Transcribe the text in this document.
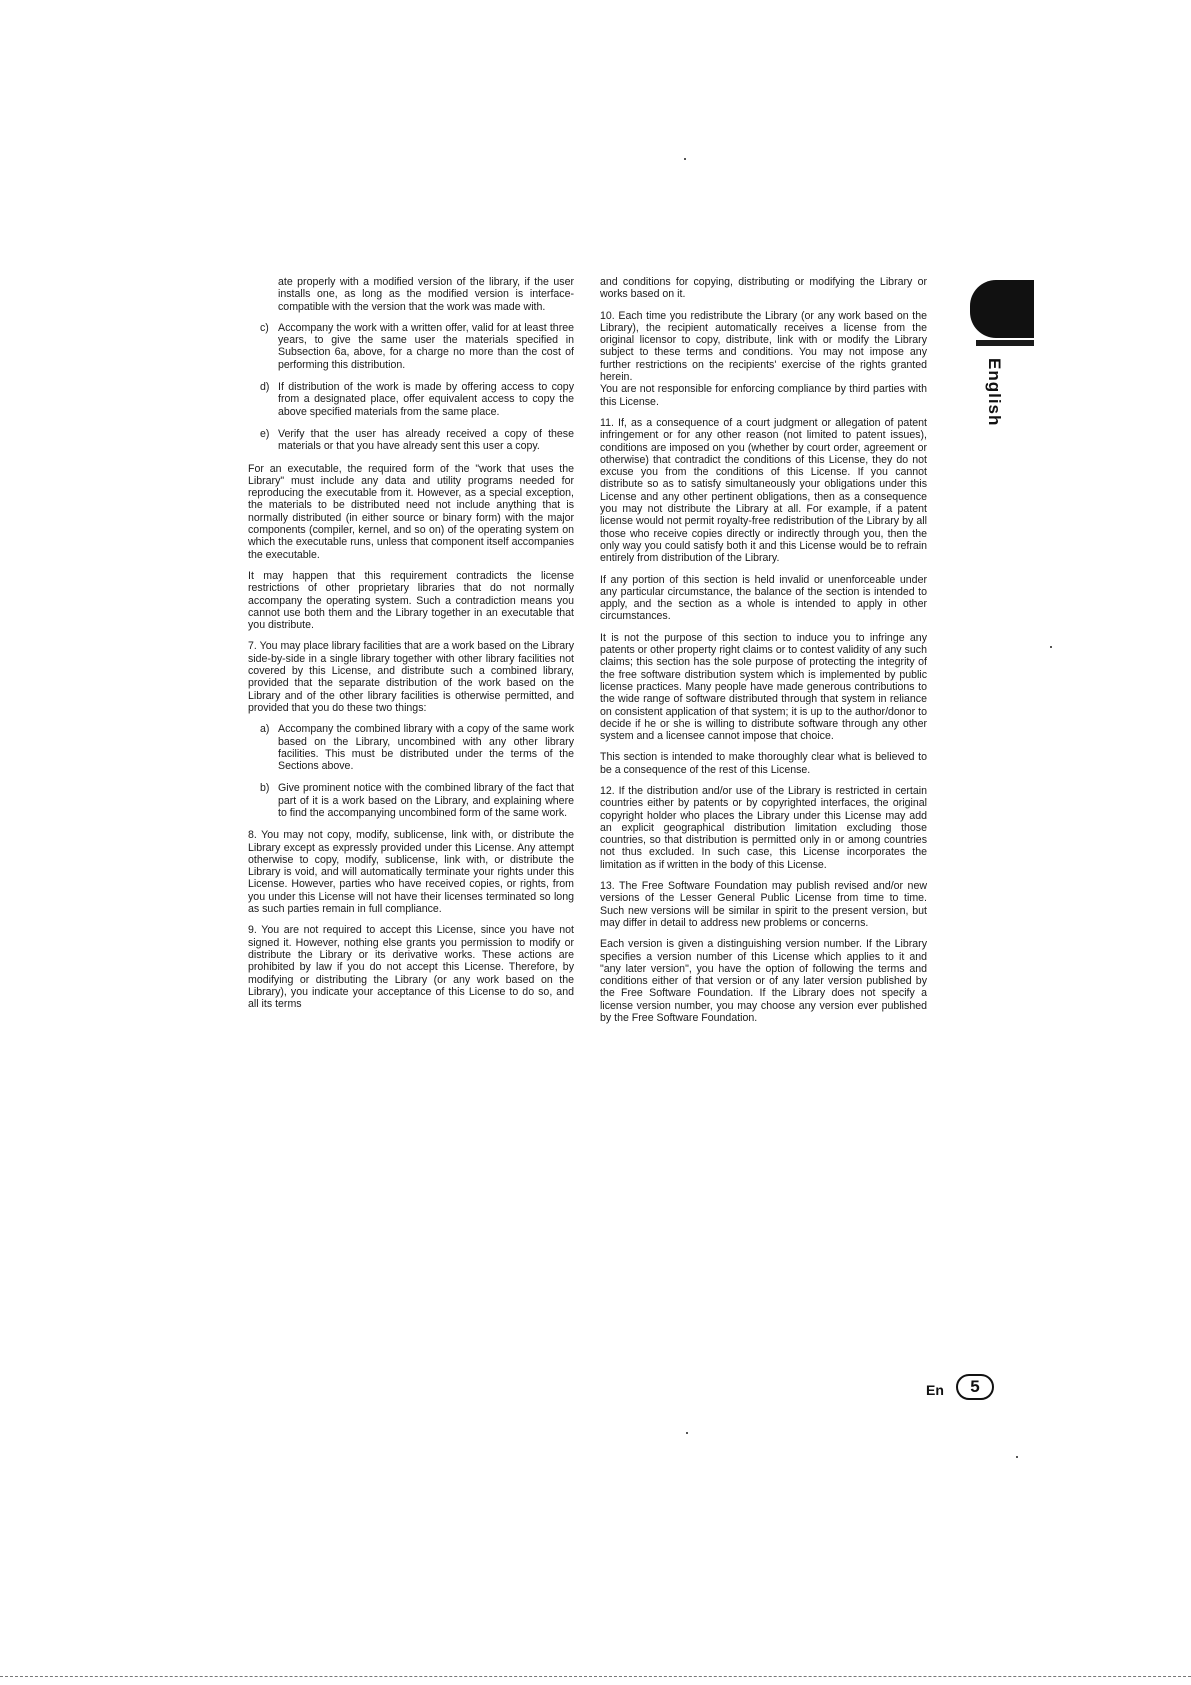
ate properly with a modified version of the library, if the user installs one, as long as the modified version is interface-compatible with the version that the work was made with.

c) Accompany the work with a written offer, valid for at least three years, to give the same user the materials specified in Subsection 6a, above, for a charge no more than the cost of performing this distribution.
d) If distribution of the work is made by offering access to copy from a designated place, offer equivalent access to copy the above specified materials from the same place.
e) Verify that the user has already received a copy of these materials or that you have already sent this user a copy.

For an executable, the required form of the "work that uses the Library" must include any data and utility programs needed for reproducing the executable from it. However, as a special exception, the materials to be distributed need not include anything that is normally distributed (in either source or binary form) with the major components (compiler, kernel, and so on) of the operating system on which the executable runs, unless that component itself accompanies the executable.

It may happen that this requirement contradicts the license restrictions of other proprietary libraries that do not normally accompany the operating system. Such a contradiction means you cannot use both them and the Library together in an executable that you distribute.

7. You may place library facilities that are a work based on the Library side-by-side in a single library together with other library facilities not covered by this License, and distribute such a combined library, provided that the separate distribution of the work based on the Library and of the other library facilities is otherwise permitted, and provided that you do these two things:

a) Accompany the combined library with a copy of the same work based on the Library, uncombined with any other library facilities. This must be distributed under the terms of the Sections above.
b) Give prominent notice with the combined library of the fact that part of it is a work based on the Library, and explaining where to find the accompanying uncombined form of the same work.

8. You may not copy, modify, sublicense, link with, or distribute the Library except as expressly provided under this License. Any attempt otherwise to copy, modify, sublicense, link with, or distribute the Library is void, and will automatically terminate your rights under this License. However, parties who have received copies, or rights, from you under this License will not have their licenses terminated so long as such parties remain in full compliance.

9. You are not required to accept this License, since you have not signed it. However, nothing else grants you permission to modify or distribute the Library or its derivative works. These actions are prohibited by law if you do not accept this License. Therefore, by modifying or distributing the Library (or any work based on the Library), you indicate your acceptance of this License to do so, and all its terms

and conditions for copying, distributing or modifying the Library or works based on it.

10. Each time you redistribute the Library (or any work based on the Library), the recipient automatically receives a license from the original licensor to copy, distribute, link with or modify the Library subject to these terms and conditions. You may not impose any further restrictions on the recipients' exercise of the rights granted herein.

You are not responsible for enforcing compliance by third parties with this License.

11. If, as a consequence of a court judgment or allegation of patent infringement or for any other reason (not limited to patent issues), conditions are imposed on you (whether by court order, agreement or otherwise) that contradict the conditions of this License, they do not excuse you from the conditions of this License. If you cannot distribute so as to satisfy simultaneously your obligations under this License and any other pertinent obligations, then as a consequence you may not distribute the Library at all. For example, if a patent license would not permit royalty-free redistribution of the Library by all those who receive copies directly or indirectly through you, then the only way you could satisfy both it and this License would be to refrain entirely from distribution of the Library.

If any portion of this section is held invalid or unenforceable under any particular circumstance, the balance of the section is intended to apply, and the section as a whole is intended to apply in other circumstances.

It is not the purpose of this section to induce you to infringe any patents or other property right claims or to contest validity of any such claims; this section has the sole purpose of protecting the integrity of the free software distribution system which is implemented by public license practices. Many people have made generous contributions to the wide range of software distributed through that system in reliance on consistent application of that system; it is up to the author/donor to decide if he or she is willing to distribute software through any other system and a licensee cannot impose that choice.

This section is intended to make thoroughly clear what is believed to be a consequence of the rest of this License.

12. If the distribution and/or use of the Library is restricted in certain countries either by patents or by copyrighted interfaces, the original copyright holder who places the Library under this License may add an explicit geographical distribution limitation excluding those countries, so that distribution is permitted only in or among countries not thus excluded. In such case, this License incorporates the limitation as if written in the body of this License.

13. The Free Software Foundation may publish revised and/or new versions of the Lesser General Public License from time to time. Such new versions will be similar in spirit to the present version, but may differ in detail to address new problems or concerns.

Each version is given a distinguishing version number. If the Library specifies a version number of this License which applies to it and "any later version", you have the option of following the terms and conditions either of that version or of any later version published by the Free Software Foundation. If the Library does not specify a license version number, you may choose any version ever published by the Free Software Foundation.

English
En 5
